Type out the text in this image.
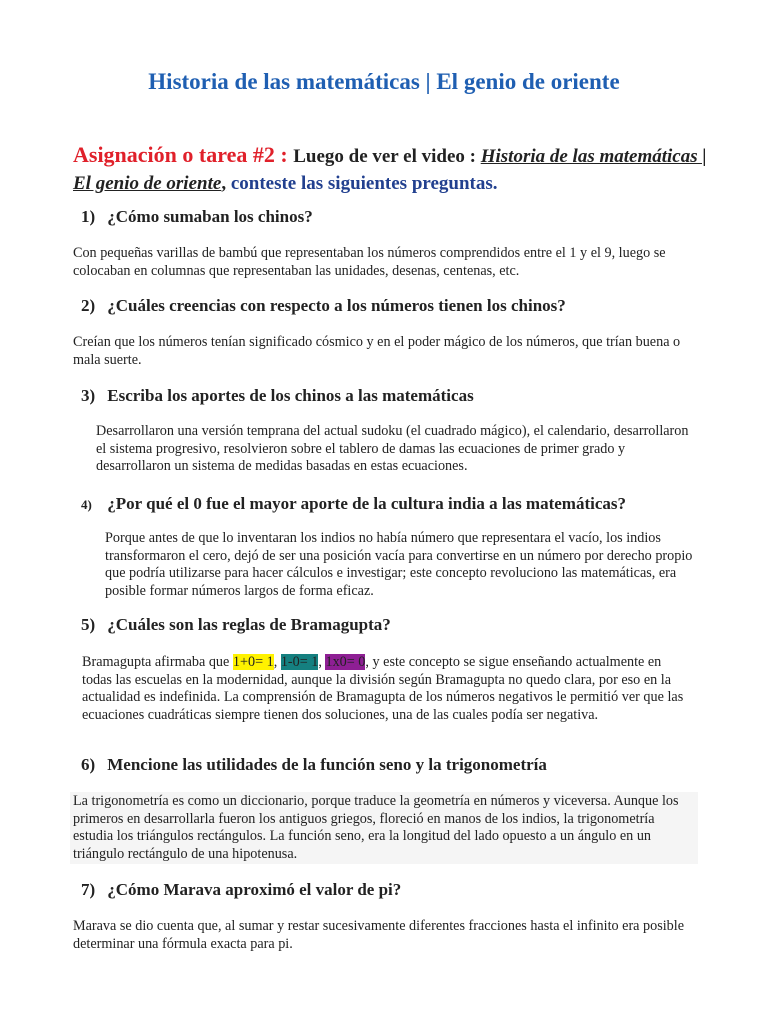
Historia de las matemáticas | El genio de oriente
Asignación o tarea #2 : Luego de ver el video : Historia de las matemáticas | El genio de oriente, conteste las siguientes preguntas.
1) ¿Cómo sumaban los chinos?
Con pequeñas varillas de bambú que representaban los números comprendidos entre el 1 y el 9, luego se colocaban en columnas que representaban las unidades, desenas, centenas, etc.
2) ¿Cuáles creencias con respecto a los números tienen los chinos?
Creían que los números tenían significado cósmico y en el poder mágico de los números, que trían buena o mala suerte.
3) Escriba los aportes de los chinos a las matemáticas
Desarrollaron una versión temprana del actual sudoku (el cuadrado mágico), el calendario, desarrollaron el sistema progresivo, resolvieron sobre el tablero de damas las ecuaciones de primer grado y desarrollaron un sistema de medidas basadas en estas ecuaciones.
4) ¿Por qué el 0 fue el mayor aporte de la cultura india a las matemáticas?
Porque antes de que lo inventaran los indios no había número que representara el vacío, los indios transformaron el cero, dejó de ser una posición vacía para convertirse en un número por derecho propio que podría utilizarse para hacer cálculos e investigar; este concepto revoluciono las matemáticas, era posible formar números largos de forma eficaz.
5) ¿Cuáles son las reglas de Bramagupta?
Bramagupta afirmaba que 1+0= 1, 1-0= 1, 1x0= 0, y este concepto se sigue enseñando actualmente en todas las escuelas en la modernidad, aunque la división según Bramagupta no quedo clara, por eso en la actualidad es indefinida. La comprensión de Bramagupta de los números negativos le permitió ver que las ecuaciones cuadráticas siempre tienen dos soluciones, una de las cuales podía ser negativa.
6) Mencione las utilidades de la función seno y la trigonometría
La trigonometría es como un diccionario, porque traduce la geometría en números y viceversa. Aunque los primeros en desarrollarla fueron los antiguos griegos, floreció en manos de los indios, la trigonometría estudia los triángulos rectángulos. La función seno, era la longitud del lado opuesto a un ángulo en un triángulo rectángulo de una hipotenusa.
7) ¿Cómo Marava aproximó el valor de pi?
Marava se dio cuenta que, al sumar y restar sucesivamente diferentes fracciones hasta el infinito era posible determinar una fórmula exacta para pi.
